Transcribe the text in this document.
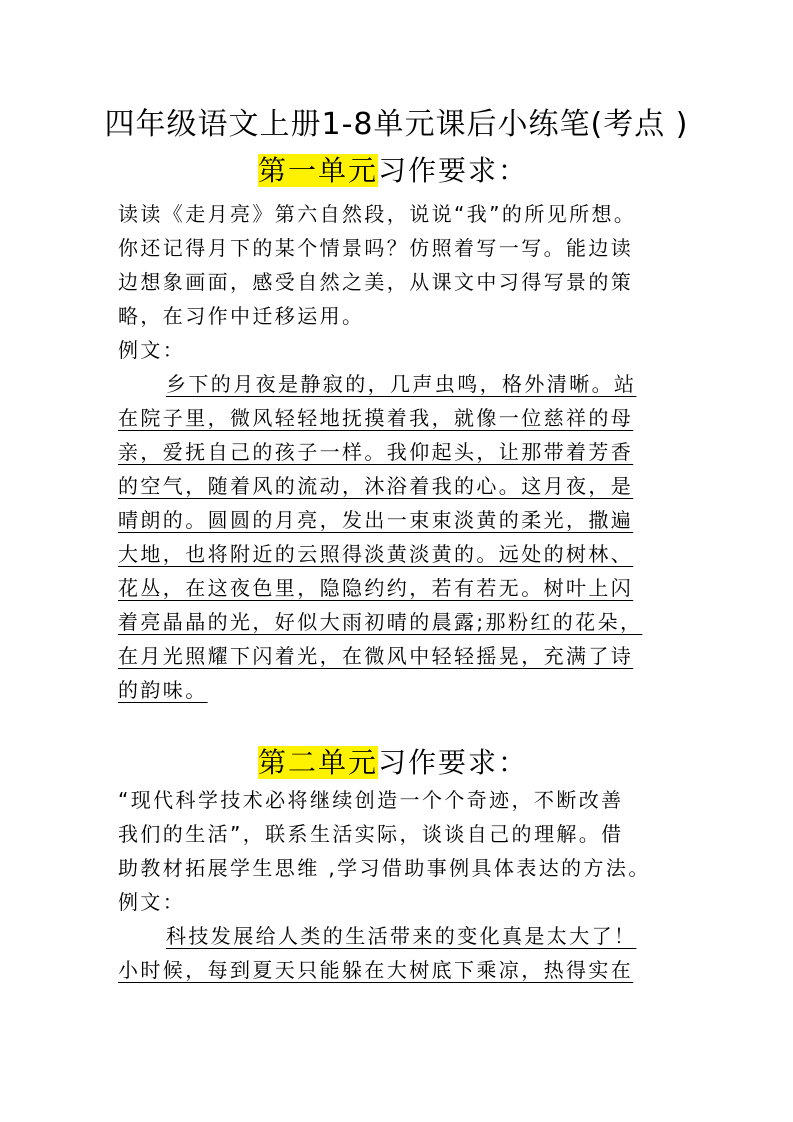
四年级语文上册1-8单元课后小练笔(考点 )
第一单元习作要求：
读读《走月亮》第六自然段，说说“我”的所见所想。
你还记得月下的某个情景吗？仿照着写一写。能边读
边想象画面，感受自然之美，从课文中习得写景的策
略，在习作中迁移运用。
例文：
乡下的月夜是静寂的，几声虫鸣，格外清晰。站
在院子里，微风轻轻地抚摸着我，就像一位慈祥的母
亲，爱抚自己的孩子一样。我仰起头，让那带着芳香
的空气，随着风的流动，沐浴着我的心。这月夜，是
晴朗的。圆圆的月亮，发出一束束淡黄的柔光，撒遍
大地，也将附近的云照得淡黄淡黄的。远处的树林、
花丛，在这夜色里，隐隐约约，若有若无。树叶上闪
着亮晶晶的光，好似大雨初晴的晨露;那粉红的花朵，
在月光照耀下闪着光，在微风中轻轻摇晃，充满了诗
的韵味。
第二单元习作要求：
“现代科学技术必将继续创造一个个奇迹，不断改善
我们的生活”，联系生活实际，谈谈自己的理解。借
助教材拓展学生思维 ,学习借助事例具体表达的方法。
例文：
科技发展给人类的生活带来的变化真是太大了！
小时候，每到夏天只能躲在大树底下乘凉，热得实在
